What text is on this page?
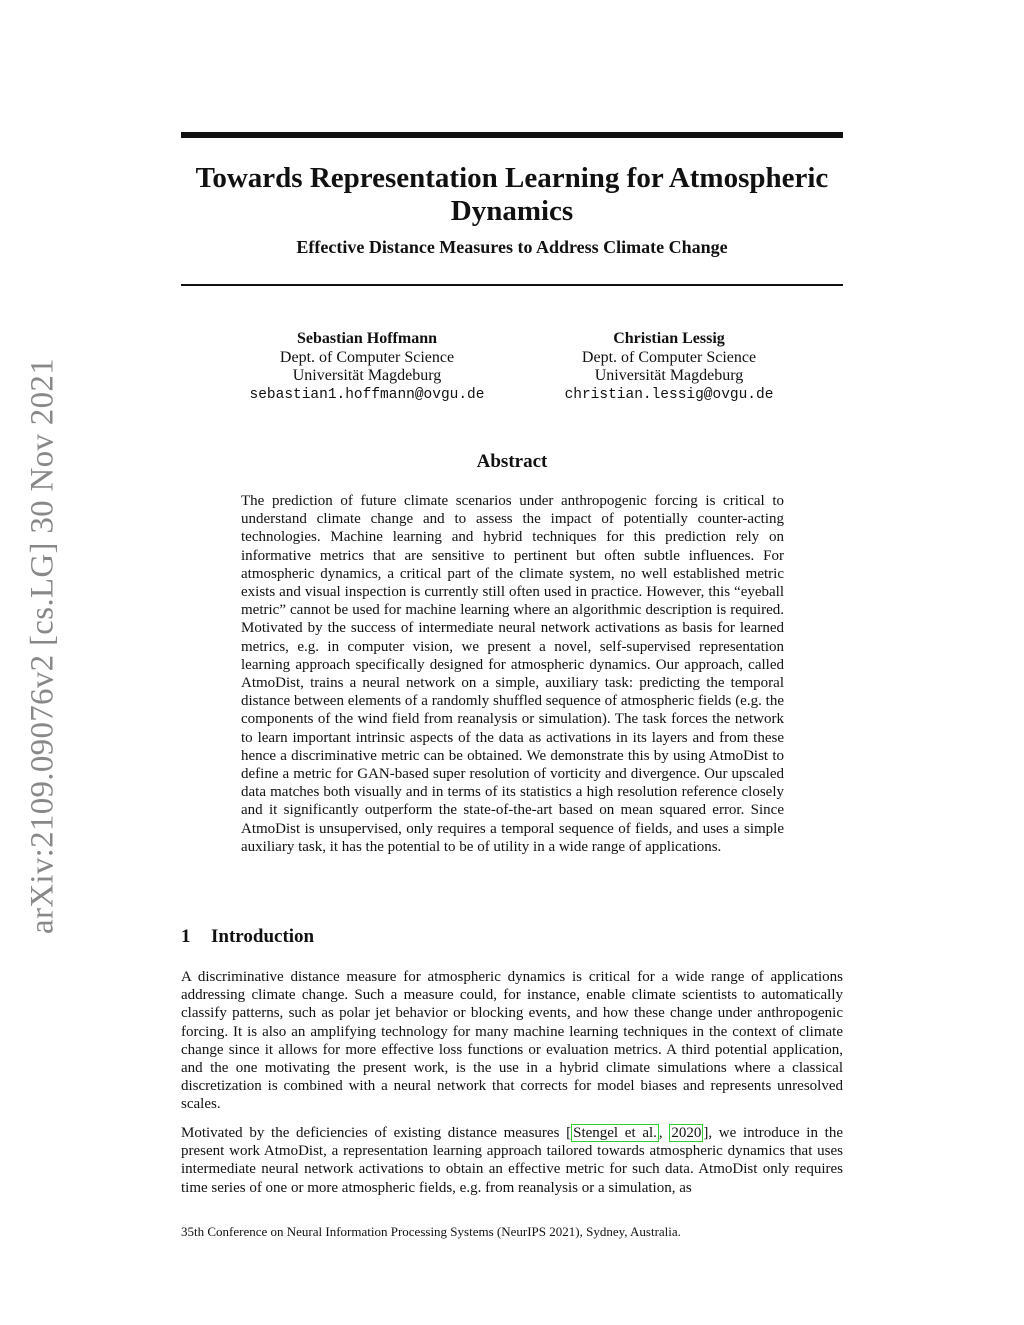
arXiv:2109.09076v2 [cs.LG] 30 Nov 2021
Towards Representation Learning for Atmospheric Dynamics
Effective Distance Measures to Address Climate Change
Sebastian Hoffmann
Dept. of Computer Science
Universität Magdeburg
sebastian1.hoffmann@ovgu.de
Christian Lessig
Dept. of Computer Science
Universität Magdeburg
christian.lessig@ovgu.de
Abstract
The prediction of future climate scenarios under anthropogenic forcing is critical to understand climate change and to assess the impact of potentially counter-acting technologies. Machine learning and hybrid techniques for this prediction rely on informative metrics that are sensitive to pertinent but often subtle influences. For atmospheric dynamics, a critical part of the climate system, no well established metric exists and visual inspection is currently still often used in practice. However, this “eyeball metric” cannot be used for machine learning where an algorithmic description is required. Motivated by the success of intermediate neural network activations as basis for learned metrics, e.g. in computer vision, we present a novel, self-supervised representation learning approach specifically designed for atmospheric dynamics. Our approach, called AtmoDist, trains a neural network on a simple, auxiliary task: predicting the temporal distance between elements of a randomly shuffled sequence of atmospheric fields (e.g. the components of the wind field from reanalysis or simulation). The task forces the network to learn important intrinsic aspects of the data as activations in its layers and from these hence a discriminative metric can be obtained. We demonstrate this by using AtmoDist to define a metric for GAN-based super resolution of vorticity and divergence. Our upscaled data matches both visually and in terms of its statistics a high resolution reference closely and it significantly outperform the state-of-the-art based on mean squared error. Since AtmoDist is unsupervised, only requires a temporal sequence of fields, and uses a simple auxiliary task, it has the potential to be of utility in a wide range of applications.
1 Introduction

A discriminative distance measure for atmospheric dynamics is critical for a wide range of applications addressing climate change. Such a measure could, for instance, enable climate scientists to automatically classify patterns, such as polar jet behavior or blocking events, and how these change under anthropogenic forcing. It is also an amplifying technology for many machine learning techniques in the context of climate change since it allows for more effective loss functions or evaluation metrics. A third potential application, and the one motivating the present work, is the use in a hybrid climate simulations where a classical discretization is combined with a neural network that corrects for model biases and represents unresolved scales.

Motivated by the deficiencies of existing distance measures [ Stengel et al. , 2020 ], we introduce in the present work AtmoDist, a representation learning approach tailored towards atmospheric dynamics that uses intermediate neural network activations to obtain an effective metric for such data. AtmoDist only requires time series of one or more atmospheric fields, e.g. from reanalysis or a simulation, as

35th Conference on Neural Information Processing Systems (NeurIPS 2021), Sydney, Australia.
